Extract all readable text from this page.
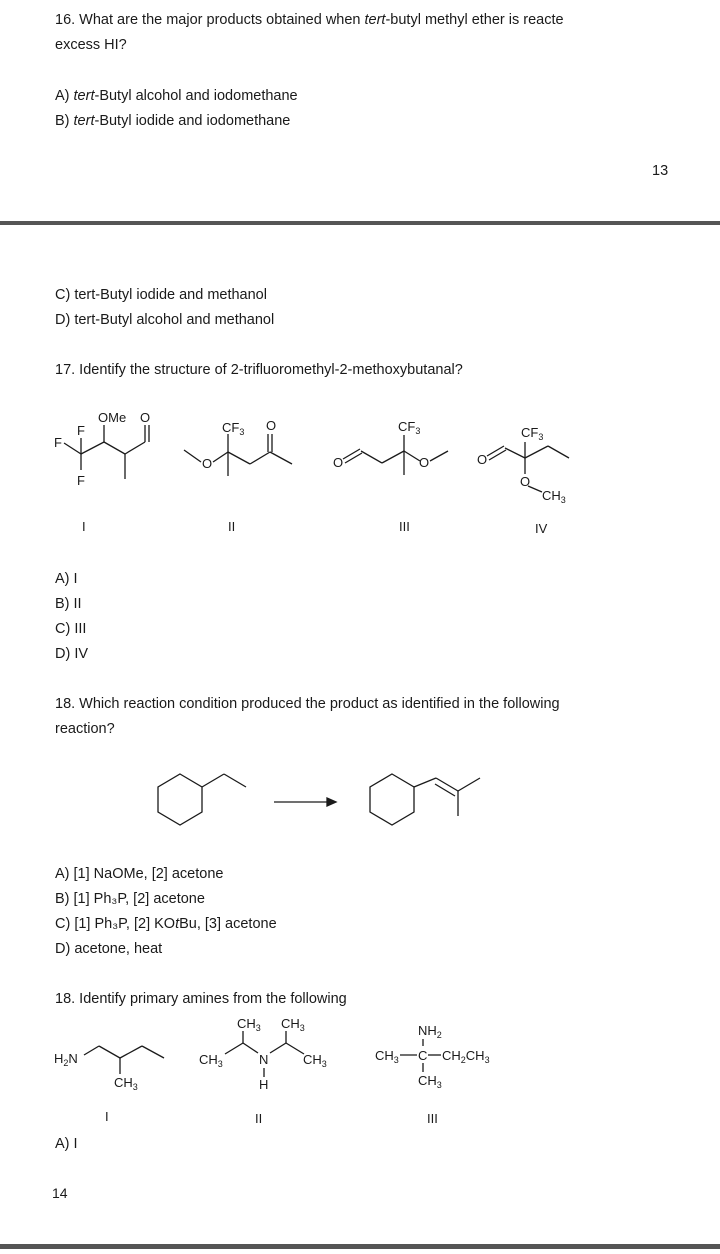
16. What are the major products obtained when tert-butyl methyl ether is reacte
excess HI?
A) tert-Butyl alcohol and iodomethane
B) tert-Butyl iodide and iodomethane
13
C) tert-Butyl iodide and methanol
D) tert-Butyl alcohol and methanol
17. Identify the structure of 2-trifluoromethyl-2-methoxybutanal?
OMe O
F
F
F
$CF_3$ O
O
$CF_3$
O	O
$CF_3$
O
O
$CH_3$
I	II	III	IV
A) I
B) II
C) III
D) IV
18. Which reaction condition produced the product as identified in the following
reaction?
A) [1] NaOMe, [2] acetone
B) [1] Ph₃P, [2] acetone
C) [1] Ph₃P, [2] KOtBu, [3] acetone
D) acetone, heat
18. Identify primary amines from the following
$H_2N$
$CH_3$
$CH_3$ $CH_3$
$CH_3$	N	$CH_3$
H
$NH_2$
$CH_3$ C $CH_2CH_3$
$CH_3$
I	II	III
A) I
14
